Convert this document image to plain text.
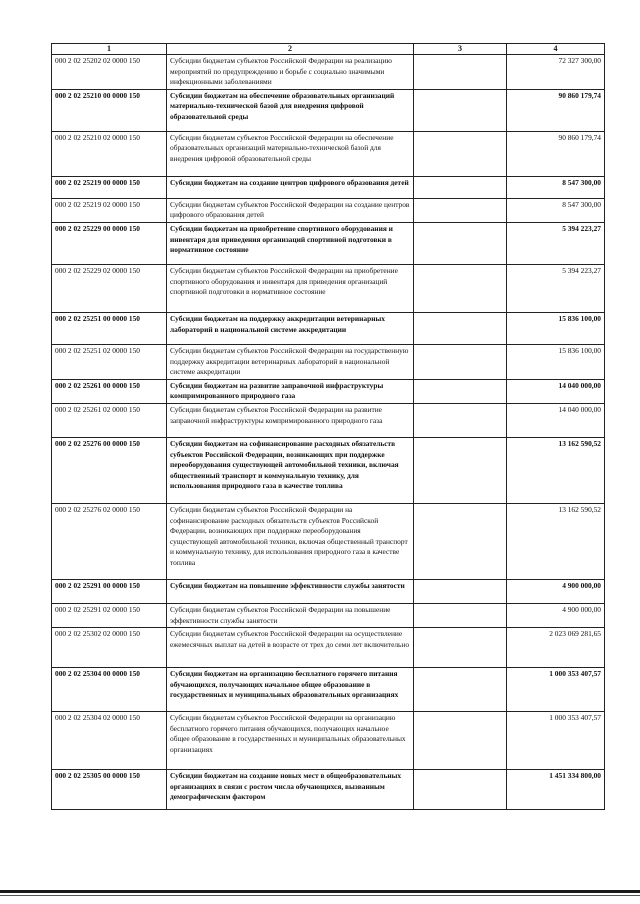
1	2	3	4
000 2 02 25202 02 0000 150	Субсидии бюджетам субъектов Российской Федерации на реализацию мероприятий по предупреждению и борьбе с социально значимыми инфекционными заболеваниями		72 327 300,00
000 2 02 25210 00 0000 150	Субсидии бюджетам на обеспечение образовательных организаций материально-технической базой для внедрения цифровой образовательной среды		90 860 179,74
000 2 02 25210 02 0000 150	Субсидии бюджетам субъектов Российской Федерации на обеспечение образовательных организаций материально-технической базой для внедрения цифровой образовательной среды		90 860 179,74
000 2 02 25219 00 0000 150	Субсидии бюджетам на создание центров цифрового образования детей		8 547 300,00
000 2 02 25219 02 0000 150	Субсидии бюджетам субъектов Российской Федерации на создание центров цифрового образования детей		8 547 300,00
000 2 02 25229 00 0000 150	Субсидии бюджетам на приобретение спортивного оборудования и инвентаря для приведения организаций спортивной подготовки в нормативное состояние		5 394 223,27
000 2 02 25229 02 0000 150	Субсидии бюджетам субъектов Российской Федерации на приобретение спортивного оборудования и инвентаря для приведения организаций спортивной подготовки в нормативное состояние		5 394 223,27
000 2 02 25251 00 0000 150	Субсидии бюджетам на поддержку аккредитации ветеринарных лабораторий в национальной системе аккредитации		15 836 100,00
000 2 02 25251 02 0000 150	Субсидии бюджетам субъектов Российской Федерации на государственную поддержку аккредитации ветеринарных лабораторий в национальной системе аккредитации		15 836 100,00
000 2 02 25261 00 0000 150	Субсидии бюджетам на развитие заправочной инфраструктуры компримированного природного газа		14 040 000,00
000 2 02 25261 02 0000 150	Субсидии бюджетам субъектов Российской Федерации на развитие заправочной инфраструктуры компримированного природного газа		14 040 000,00
000 2 02 25276 00 0000 150	Субсидии бюджетам на софинансирование расходных обязательств субъектов Российской Федерации, возникающих при поддержке переоборудования существующей автомобильной техники, включая общественный транспорт и коммунальную технику, для использования природного газа в качестве топлива		13 162 590,52
000 2 02 25276 02 0000 150	Субсидии бюджетам субъектов Российской Федерации на софинансирование расходных обязательств субъектов Российской Федерации, возникающих при поддержке переоборудования существующей автомобильной техники, включая общественный транспорт и коммунальную технику, для использования природного газа в качестве топлива		13 162 590,52
000 2 02 25291 00 0000 150	Субсидии бюджетам на повышение эффективности службы занятости		4 900 000,00
000 2 02 25291 02 0000 150	Субсидии бюджетам субъектов Российской Федерации на повышение эффективности службы занятости		4 900 000,00
000 2 02 25302 02 0000 150	Субсидии бюджетам субъектов Российской Федерации на осуществление ежемесячных выплат на детей в возрасте от трех до семи лет включительно		2 023 069 281,65
000 2 02 25304 00 0000 150	Субсидии бюджетам на организацию бесплатного горячего питания обучающихся, получающих начальное общее образование в государственных и муниципальных образовательных организациях		1 000 353 407,57
000 2 02 25304 02 0000 150	Субсидии бюджетам субъектов Российской Федерации на организацию бесплатного горячего питания обучающихся, получающих начальное общее образование в государственных и муниципальных образовательных организациях		1 000 353 407,57
000 2 02 25305 00 0000 150	Субсидии бюджетам на создание новых мест в общеобразовательных организациях в связи с ростом числа обучающихся, вызванным демографическим фактором		1 451 334 800,00
